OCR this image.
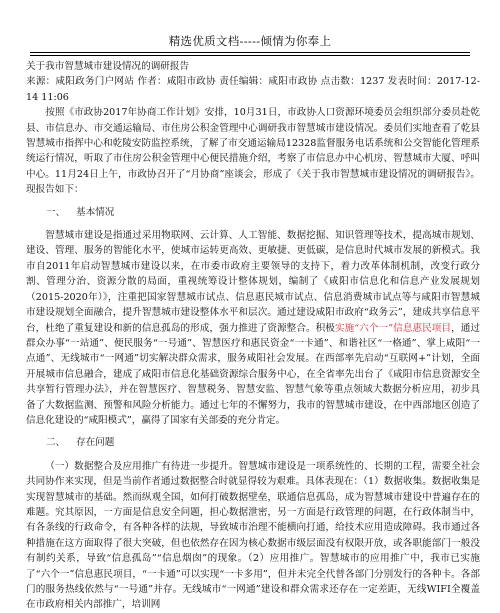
精选优质文档-----倾情为你奉上

关于我市智慧城市建设情况的调研报告

来源：咸阳政务门户网站 作者：咸阳市政协 责任编辑：咸阳市政协 点击数：1237 发表时间：2017-12-14 11:06

按照《市政协2017年协商工作计划》安排，10月31日，市政协人口资源环境委员会组织部分委员赴乾县、市信息办、市交通运输局、市住房公积金管理中心调研我市智慧城市建设情况。委员们实地查看了乾县智慧城市指挥中心和乾陵安防监控系统，了解了市交通运输局12328监督服务电话系统和公交智能化管理系统运行情况，听取了市住房公积金管理中心便民措施介绍，考察了市信息办中心机房、智慧城市大厦、呼叫中心。11月24日上午，市政协召开了“月协商”座谈会，形成了《关于我市智慧城市建设情况的调研报告》。现报告如下：

一、 基本情况

智慧城市建设是指通过采用物联网、云计算、人工智能、数据挖掘、知识管理等技术，提高城市规划、建设、管理、服务的智能化水平，使城市运转更高效、更敏捷、更低碳，是信息时代城市发展的新模式。我市自2011年启动智慧城市建设以来，在市委市政府主要领导的支持下，着力改革体制机制，改变行政分割、管理分治、资源分散的局面，重视统筹设计整体规划，编制了《咸阳市信息化和信息产业发展规划（2015-2020年）》，注重把国家智慧城市试点、信息惠民城市试点、信息消费城市试点等与咸阳市智慧城市建设规划全面融合，提升智慧城市建设整体水平和层次。通过建设咸阳市政府“政务云”，建成共享信息平台，杜绝了重复建设和新的信息孤岛的形成，强力推进了资源整合。积极实施“六个一”信息惠民项目，通过群众办事“一站通”、便民服务“一号通”、智慧医疗和惠民资金“一卡通”、和谐社区“一格通”、掌上咸阳“一点通”、无线城市“一网通”切实解决群众需求，服务咸阳社会发展。在西部率先启动“互联网+”计划，全面开展城市信息融合，建成了咸阳市信息化基础资源综合服务中心，在全省率先出台了《咸阳市信息资源安全共享暂行管理办法》，并在智慧医疗、智慧税务、智慧安监、智慧气象等重点领域大数据分析应用，初步具备了大数据监测、预警和风险分析能力。通过七年的不懈努力，我市的智慧城市建设，在中西部地区创造了信息化建设的“咸阳模式”，赢得了国家有关部委的充分肯定。

二、 存在问题

（一）数据整合及应用推广有待进一步提升。智慧城市建设是一项系统性的、长期的工程，需要全社会共同协作来实现，但是当前作者通过数据整合时就显得较为艰难。具体表现在：（1）数据收集。数据收集是实现智慧城市的基础。然而纵观全国，如何打破数据壁垒，联通信息孤岛，成为智慧城市建设中普遍存在的难题。究其原因，一方面是信息安全问题，担心数据泄密，另一方面是行政管理的问题，在行政体制当中，有各条线的行政命令，有各种各样的法规，导致城市治理不能横向打通，给技术应用造成障碍。我市通过各种措施在这方面取得了很大突破，但也依然存在因为核心数据市级层面没有权限开放，或各职能部门一般没有制约关系，导致“信息孤岛”“信息烟囱”的现象。（2）应用推广。智慧城市的应用推广中，我市已实施了“六个一”信息惠民项目，“一卡通”可以实现“一卡多用”，但并未完全代替各部门分别发行的各种卡。各部门的服务热线依然与“一号通”并存。无线城市“一网通”建设和群众需求还存在一定差距，无线WIFI全覆盖在市政府相关内部推广，培训网
